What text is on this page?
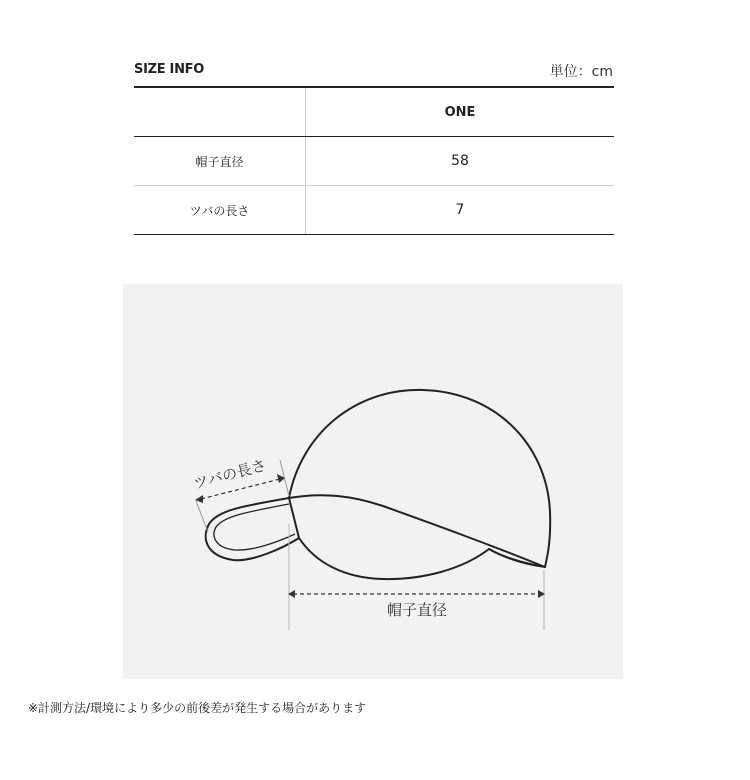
SIZE INFO	単位：cm
	ONE
帽子直径	58
ツバの長さ	7
ツバの長さ
帽子直径
※計測方法/環境により多少の前後差が発生する場合があります
